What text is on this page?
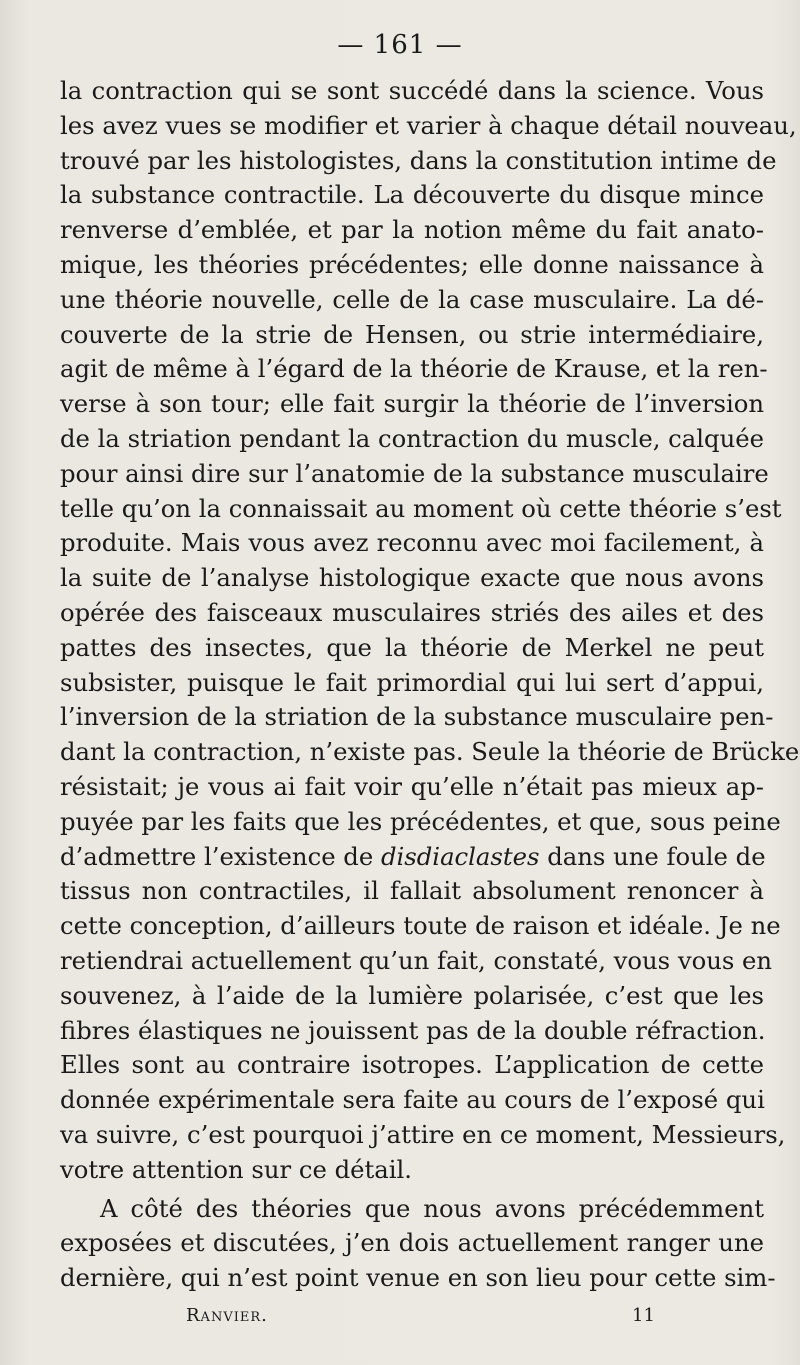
— 161 —
la contraction qui se sont succédé dans la science. Vous
les avez vues se modifier et varier à chaque détail nouveau,
trouvé par les histologistes, dans la constitution intime de
la substance contractile. La découverte du disque mince
renverse d’emblée, et par la notion même du fait anato-
mique, les théories précédentes; elle donne naissance à
une théorie nouvelle, celle de la case musculaire. La dé-
couverte de la strie de Hensen, ou strie intermédiaire,
agit de même à l’égard de la théorie de Krause, et la ren-
verse à son tour; elle fait surgir la théorie de l’inversion
de la striation pendant la contraction du muscle, calquée
pour ainsi dire sur l’anatomie de la substance musculaire
telle qu’on la connaissait au moment où cette théorie s’est
produite. Mais vous avez reconnu avec moi facilement, à
la suite de l’analyse histologique exacte que nous avons
opérée des faisceaux musculaires striés des ailes et des
pattes des insectes, que la théorie de Merkel ne peut
subsister, puisque le fait primordial qui lui sert d’appui,
l’inversion de la striation de la substance musculaire pen-
dant la contraction, n’existe pas. Seule la théorie de Brücke
résistait; je vous ai fait voir qu’elle n’était pas mieux ap-
puyée par les faits que les précédentes, et que, sous peine
d’admettre l’existence de disdiaclastes dans une foule de
tissus non contractiles, il fallait absolument renoncer à
cette conception, d’ailleurs toute de raison et idéale. Je ne
retiendrai actuellement qu’un fait, constaté, vous vous en
souvenez, à l’aide de la lumière polarisée, c’est que les
fibres élastiques ne jouissent pas de la double réfraction.
Elles sont au contraire isotropes. L’application de cette
donnée expérimentale sera faite au cours de l’exposé qui
va suivre, c’est pourquoi j’attire en ce moment, Messieurs,
votre attention sur ce détail.
A côté des théories que nous avons précédemment
exposées et discutées, j’en dois actuellement ranger une
dernière, qui n’est point venue en son lieu pour cette sim-
Ranvier.	11
